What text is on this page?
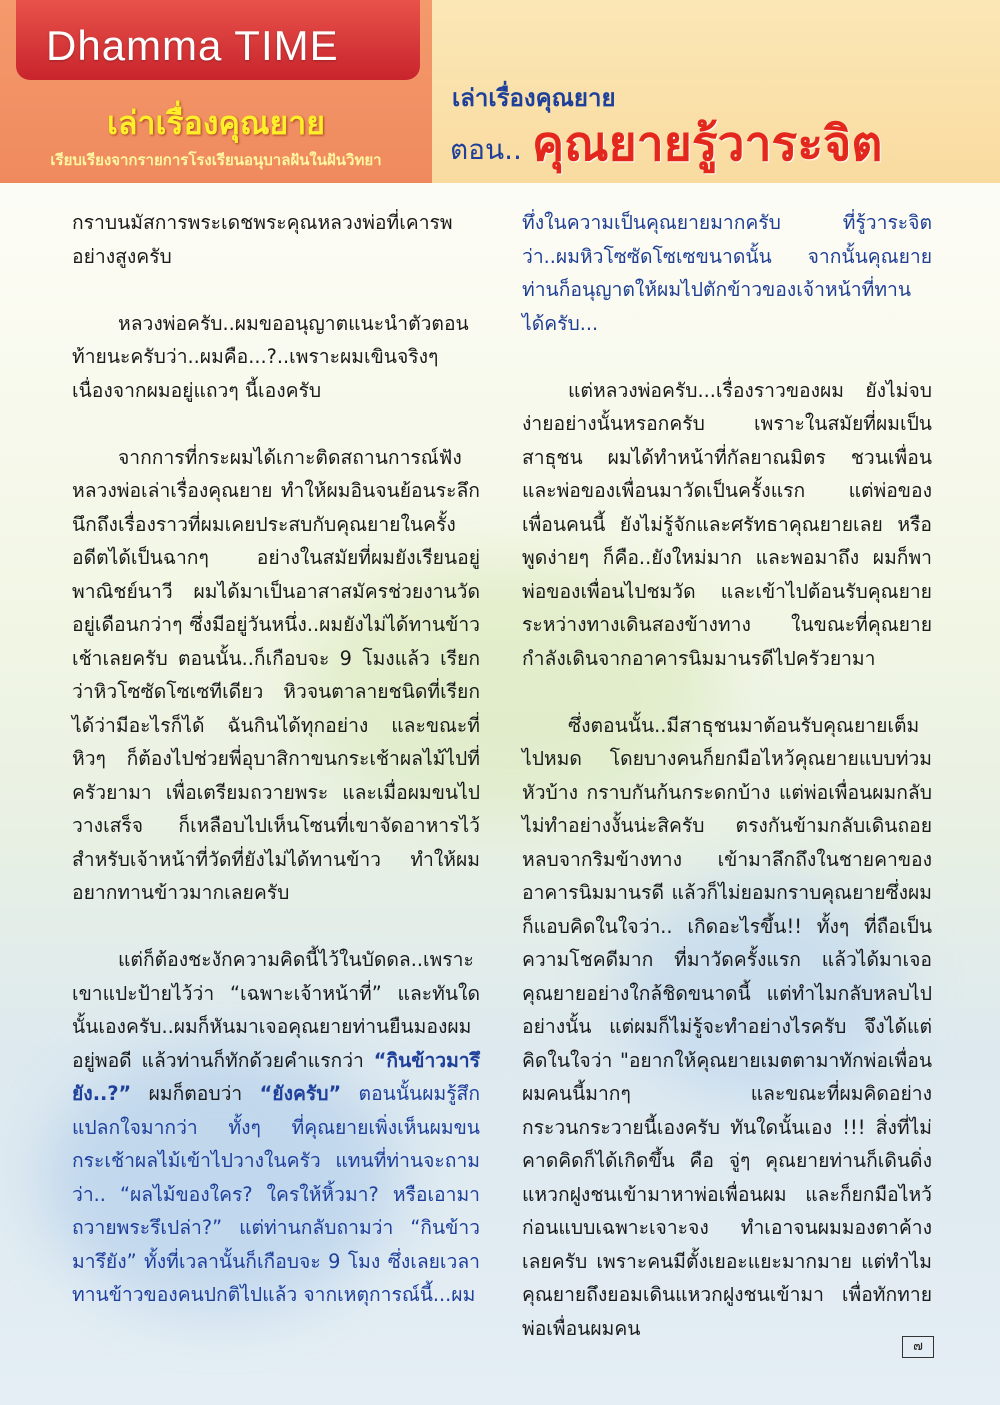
Dhamma TIME
เล่าเรื่องคุณยาย
เรียบเรียงจากรายการโรงเรียนอนุบาลฝันในฝันวิทยา
เล่าเรื่องคุณยาย
ตอน.. คุณยายรู้วาระจิต

กราบนมัสการพระเดชพระคุณหลวงพ่อที่เคารพอย่างสูงครับ

หลวงพ่อครับ..ผมขออนุญาตแนะนำตัวตอนท้ายนะครับว่า..ผมคือ...?..เพราะผมเขินจริงๆ เนื่องจากผมอยู่แถวๆ นี้เองครับ

จากการที่กระผมได้เกาะติดสถานการณ์ฟังหลวงพ่อเล่าเรื่องคุณยาย ทำให้ผมอินจนย้อนระลึกนึกถึงเรื่องราวที่ผมเคยประสบกับคุณยายในครั้งอดีตได้เป็นฉากๆ อย่างในสมัยที่ผมยังเรียนอยู่พาณิชย์นาวี ผมได้มาเป็นอาสาสมัครช่วยงานวัดอยู่เดือนกว่าๆ ซึ่งมีอยู่วันหนึ่ง..ผมยังไม่ได้ทานข้าวเช้าเลยครับ ตอนนั้น..ก็เกือบจะ 9 โมงแล้ว เรียกว่าหิวโซซัดโซเซทีเดียว หิวจนตาลายชนิดที่เรียกได้ว่ามีอะไรก็ได้ ฉันกินได้ทุกอย่าง และขณะที่หิวๆ ก็ต้องไปช่วยพี่อุบาสิกาขนกระเช้าผลไม้ไปที่ครัวยามา เพื่อเตรียมถวายพระ และเมื่อผมขนไปวางเสร็จ ก็เหลือบไปเห็นโซนที่เขาจัดอาหารไว้สำหรับเจ้าหน้าที่วัดที่ยังไม่ได้ทานข้าว ทำให้ผมอยากทานข้าวมากเลยครับ

แต่ก็ต้องชะงักความคิดนี้ไว้ในบัดดล..เพราะเขาแปะป้ายไว้ว่า “เฉพาะเจ้าหน้าที่” และทันใดนั้นเองครับ..ผมก็หันมาเจอคุณยายท่านยืนมองผมอยู่พอดี แล้วท่านก็ทักด้วยคำแรกว่า “กินข้าวมารึยัง..?” ผมก็ตอบว่า “ยังครับ” ตอนนั้นผมรู้สึกแปลกใจมากว่า ทั้งๆ ที่คุณยายเพิ่งเห็นผมขนกระเช้าผลไม้เข้าไปวางในครัว แทนที่ท่านจะถามว่า.. “ผลไม้ของใคร? ใครให้หิ้วมา? หรือเอามาถวายพระรึเปล่า?” แต่ท่านกลับถามว่า “กินข้าวมารึยัง” ทั้งที่เวลานั้นก็เกือบจะ 9 โมง ซึ่งเลยเวลาทานข้าวของคนปกติไปแล้ว จากเหตุการณ์นี้...ผม

ทึ่งในความเป็นคุณยายมากครับ ที่รู้วาระจิตว่า..ผมหิวโซซัดโซเซขนาดนั้น จากนั้นคุณยายท่านก็อนุญาตให้ผมไปตักข้าวของเจ้าหน้าที่ทานได้ครับ...

แต่หลวงพ่อครับ...เรื่องราวของผม ยังไม่จบง่ายอย่างนั้นหรอกครับ เพราะในสมัยที่ผมเป็นสาธุชน ผมได้ทำหน้าที่กัลยาณมิตร ชวนเพื่อน และพ่อของเพื่อนมาวัดเป็นครั้งแรก แต่พ่อของเพื่อนคนนี้ ยังไม่รู้จักและศรัทธาคุณยายเลย หรือพูดง่ายๆ ก็คือ..ยังใหม่มาก และพอมาถึง ผมก็พาพ่อของเพื่อนไปชมวัด และเข้าไปต้อนรับคุณยาย ระหว่างทางเดินสองข้างทาง ในขณะที่คุณยายกำลังเดินจากอาคารนิมมานรดีไปครัวยามา

ซึ่งตอนนั้น..มีสาธุชนมาต้อนรับคุณยายเต็มไปหมด โดยบางคนก็ยกมือไหว้คุณยายแบบท่วมหัวบ้าง กราบกันก้นกระดกบ้าง แต่พ่อเพื่อนผมกลับไม่ทำอย่างงั้นน่ะสิครับ ตรงกันข้ามกลับเดินถอยหลบจากริมข้างทาง เข้ามาลึกถึงในชายคาของอาคารนิมมานรดี แล้วก็ไม่ยอมกราบคุณยายซึ่งผมก็แอบคิดในใจว่า.. เกิดอะไรขึ้น!! ทั้งๆ ที่ถือเป็นความโชคดีมาก ที่มาวัดครั้งแรก แล้วได้มาเจอคุณยายอย่างใกล้ชิดขนาดนี้ แต่ทำไมกลับหลบไปอย่างนั้น แต่ผมก็ไม่รู้จะทำอย่างไรครับ จึงได้แต่คิดในใจว่า "อยากให้คุณยายเมตตามาทักพ่อเพื่อนผมคนนี้มากๆ และขณะที่ผมคิดอย่างกระวนกระวายนี้เองครับ ทันใดนั้นเอง !!! สิ่งที่ไม่คาดคิดก็ได้เกิดขึ้น คือ จู่ๆ คุณยายท่านก็เดินดิ่งแหวกฝูงชนเข้ามาหาพ่อเพื่อนผม และก็ยกมือไหว้ก่อนแบบเฉพาะเจาะจง ทำเอาจนผมมองตาค้างเลยครับ เพราะคนมีตั้งเยอะแยะมากมาย แต่ทำไมคุณยายถึงยอมเดินแหวกฝูงชนเข้ามา เพื่อทักทายพ่อเพื่อนผมคน

๗
